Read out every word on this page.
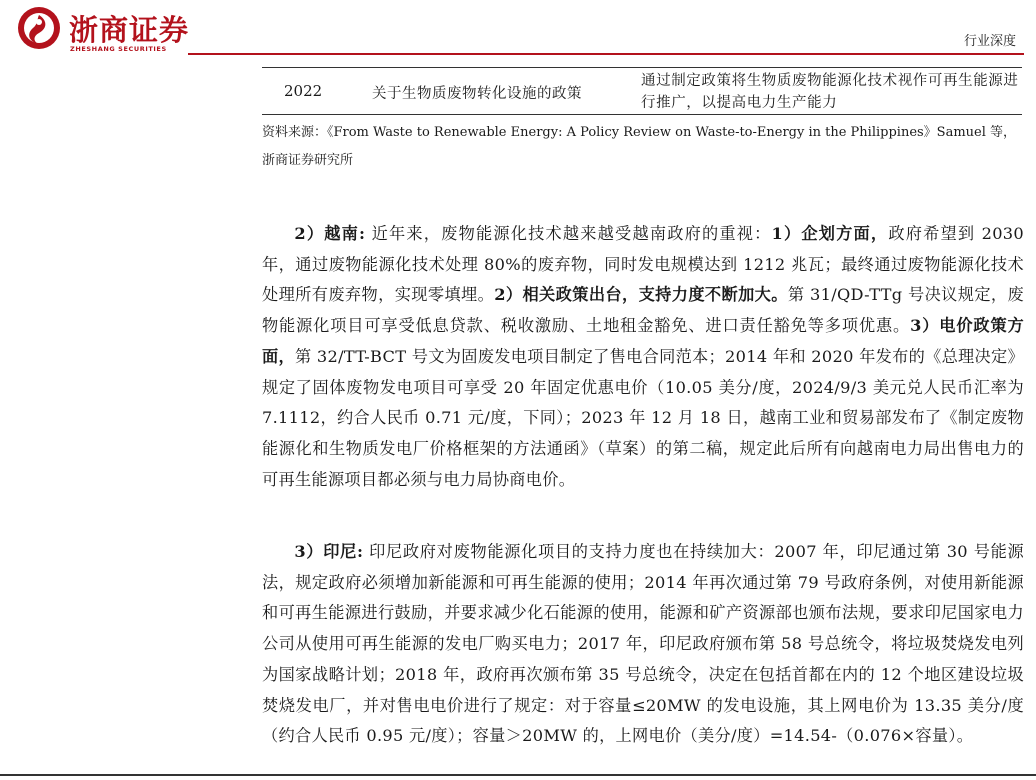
浙商证券
ZHESHANG SECURITIES	行业深度
2022	关于生物质废物转化设施的政策
通过制定政策将生物质废物能源化技术视作可再生能源进行推广，以提高电力生产能力
资料来源：《From Waste to Renewable Energy: A Policy Review on Waste-to-Energy in the Philippines》Samuel 等，浙商证券研究所

2）越南: 近年来，废物能源化技术越来越受越南政府的重视：1）企划方面，政府希望到 2030 年，通过废物能源化技术处理 80%的废弃物，同时发电规模达到 1212 兆瓦；最终通过废物能源化技术处理所有废弃物，实现零填埋。2）相关政策出台，支持力度不断加大。第 31/QD-TTg 号决议规定，废物能源化项目可享受低息贷款、税收激励、土地租金豁免、进口责任豁免等多项优惠。3）电价政策方面，第 32/TT-BCT 号文为固废发电项目制定了售电合同范本；2014 年和 2020 年发布的《总理决定》规定了固体废物发电项目可享受 20 年固定优惠电价（10.05 美分/度，2024/9/3 美元兑人民币汇率为 7.1112，约合人民币 0.71 元/度，下同）；2023 年 12 月 18 日，越南工业和贸易部发布了《制定废物能源化和生物质发电厂价格框架的方法通函》（草案）的第二稿，规定此后所有向越南电力局出售电力的可再生能源项目都必须与电力局协商电价。

3）印尼: 印尼政府对废物能源化项目的支持力度也在持续加大：2007 年，印尼通过第 30 号能源法，规定政府必须增加新能源和可再生能源的使用；2014 年再次通过第 79 号政府条例，对使用新能源和可再生能源进行鼓励，并要求减少化石能源的使用，能源和矿产资源部也颁布法规，要求印尼国家电力公司从使用可再生能源的发电厂购买电力；2017 年，印尼政府颁布第 58 号总统令，将垃圾焚烧发电列为国家战略计划；2018 年，政府再次颁布第 35 号总统令，决定在包括首都在内的 12 个地区建设垃圾焚烧发电厂，并对售电电价进行了规定：对于容量≤20MW 的发电设施，其上网电价为 13.35 美分/度（约合人民币 0.95 元/度）；容量＞20MW 的，上网电价（美分/度）=14.54-（0.076×容量）。
